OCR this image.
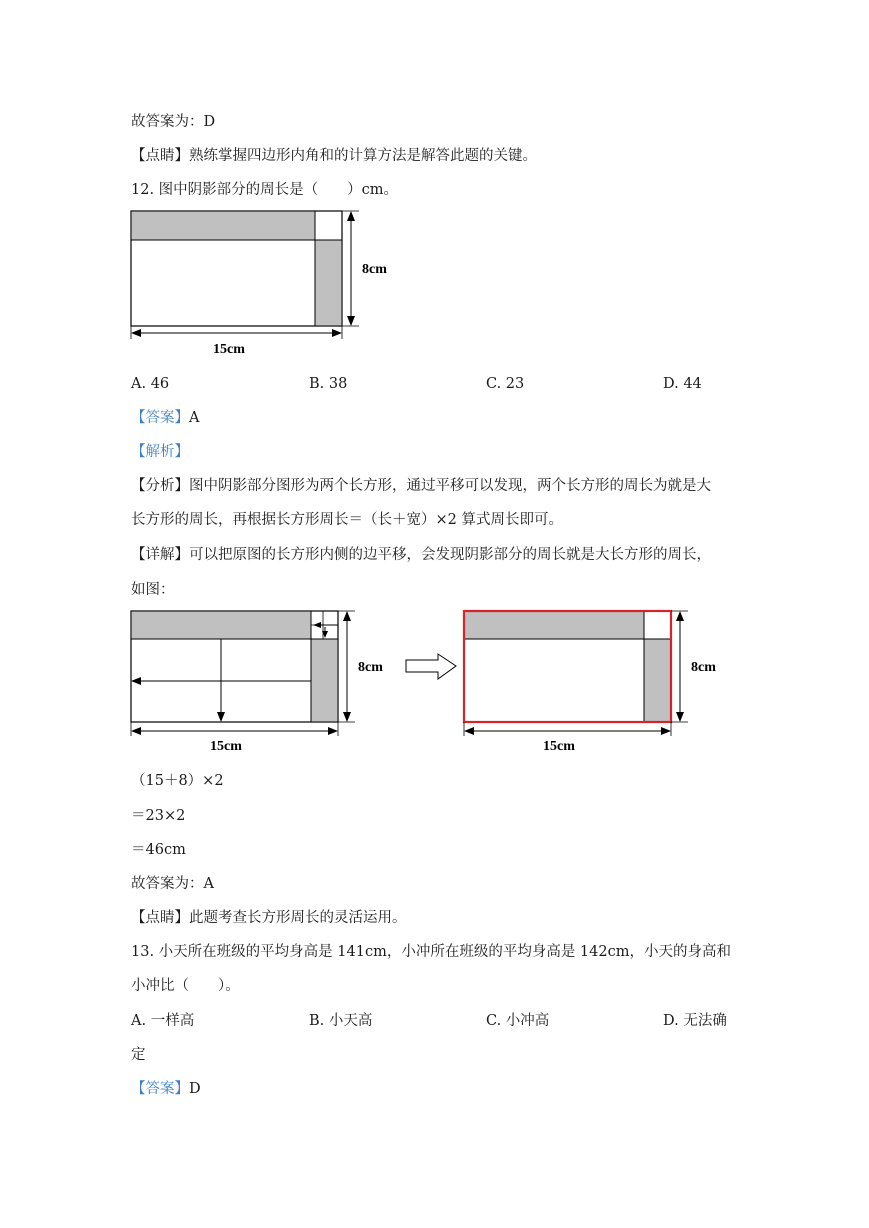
故答案为：D
【点睛】熟练掌握四边形内角和的计算方法是解答此题的关键。
12. 图中阴影部分的周长是（　　）cm。
8cm
15cm
A. 46	B. 38	C. 23	D. 44
【答案】A
【解析】
【分析】图中阴影部分图形为两个长方形，通过平移可以发现，两个长方形的周长为就是大
长方形的周长，再根据长方形周长＝（长＋宽）×2 算式周长即可。
【详解】可以把原图的长方形内侧的边平移，会发现阴影部分的周长就是大长方形的周长，
如图：
8cm
15cm
8cm
15cm
（15＋8）×2
＝23×2
＝46cm
故答案为：A
【点睛】此题考查长方形周长的灵活运用。
13. 小天所在班级的平均身高是 141cm，小冲所在班级的平均身高是 142cm，小天的身高和
小冲比（　　）。
A. 一样高	B. 小天高	C. 小冲高	D. 无法确
定
【答案】D
